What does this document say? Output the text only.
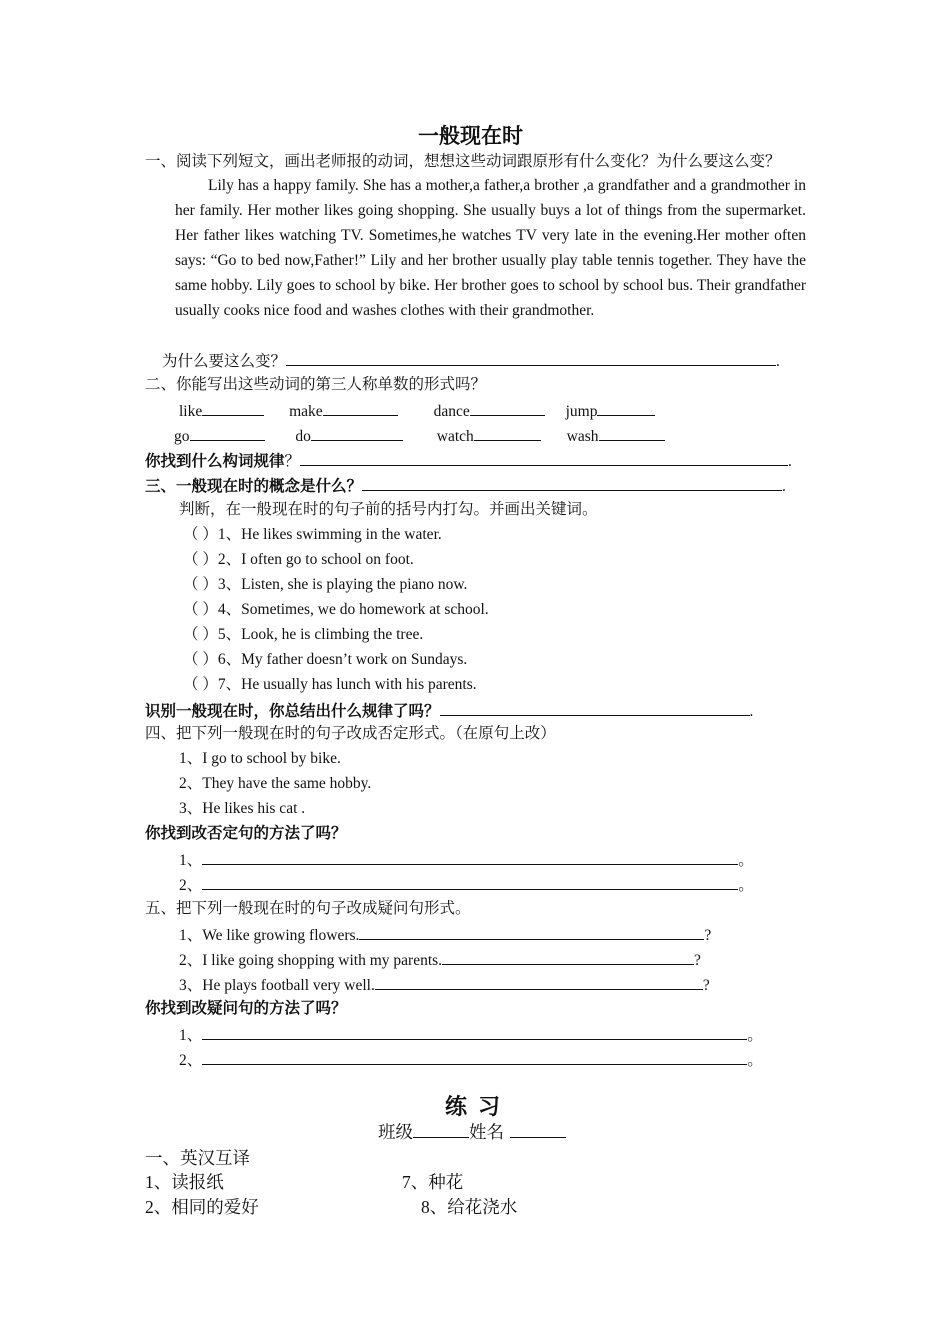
一般现在时
一、阅读下列短文，画出老师报的动词，想想这些动词跟原形有什么变化？为什么要这么变？
Lily has a happy family. She has a mother,a father,a brother ,a grandfather and a grandmother in her family. Her mother likes going shopping. She usually buys a lot of things from the supermarket. Her father likes watching TV. Sometimes,he watches TV very late in the evening.Her mother often says: “Go to bed now,Father!” Lily and her brother usually play table tennis together. They have the same hobby. Lily goes to school by bike. Her brother goes to school by school bus. Their grandfather usually cooks nice food and washes clothes with their grandmother.
为什么要这么变？	.
二、你能写出这些动词的第三人称单数的形式吗？
like	make	dance	jump
go	do	watch	wash
你找到什么构词规律？	.
三、一般现在时的概念是什么？	.
判断，在一般现在时的句子前的括号内打勾。并画出关键词。
（ ）1、He likes swimming in the water.
（ ）2、I often go to school on foot.
（ ）3、Listen, she is playing the piano now.
（ ）4、Sometimes, we do homework at school.
（ ）5、Look, he is climbing the tree.
（ ）6、My father doesn’t work on Sundays.
（ ）7、He usually has lunch with his parents.
识别一般现在时，你总结出什么规律了吗？	.
四、把下列一般现在时的句子改成否定形式。（在原句上改）
1、I go to school by bike.
2、They have the same hobby.
3、He likes his cat .
你找到改否定句的方法了吗？
1、	。
2、	。
五、把下列一般现在时的句子改成疑问句形式。
1、We like growing flowers.	?
2、I like going shopping with my parents.	?
3、He plays football very well.	?
你找到改疑问句的方法了吗？
1、	。
2、	。
练  习
班级	姓名
一、英汉互译
1、读报纸	7、种花
2、相同的爱好	8、给花浇水
